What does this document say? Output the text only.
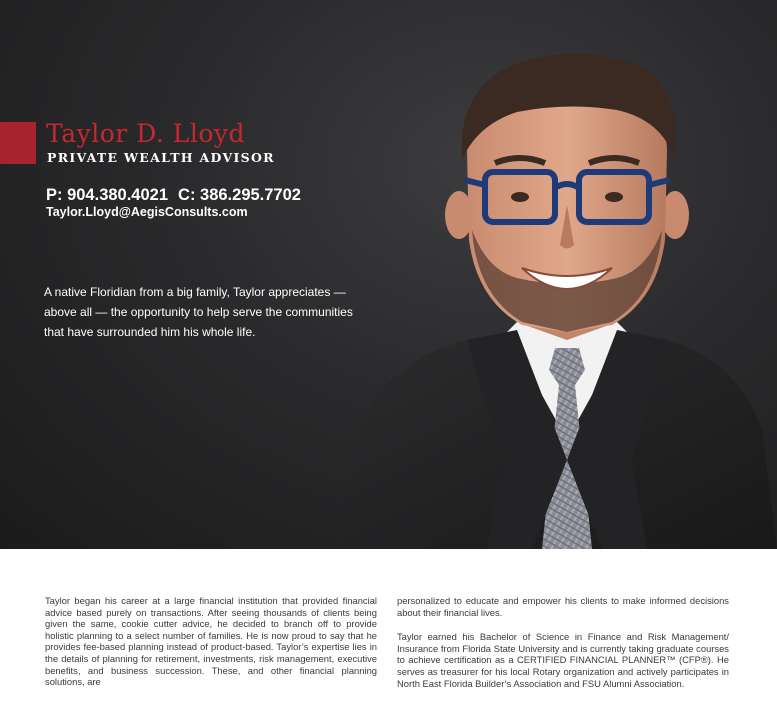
Taylor D. Lloyd
PRIVATE WEALTH ADVISOR
P: 904.380.4021 C: 386.295.7702
Taylor.Lloyd@AegisConsults.com
A native Floridian from a big family, Taylor appreciates — above all — the opportunity to help serve the communities that have surrounded him his whole life.

Taylor began his career at a large financial institution that provided financial advice based purely on transactions. After seeing thousands of clients being given the same, cookie cutter advice, he decided to branch off to provide holistic planning to a select number of families. He is now proud to say that he provides fee-based planning instead of product-based. Taylor’s expertise lies in the details of planning for retirement, investments, risk management, executive benefits, and business succession. These, and other financial planning solutions, are

personalized to educate and empower his clients to make informed decisions about their financial lives.

Taylor earned his Bachelor of Science in Finance and Risk Management/ Insurance from Florida State University and is currently taking graduate courses to achieve certification as a CERTIFIED FINANCIAL PLANNER™ (CFP®). He serves as treasurer for his local Rotary organization and actively participates in North East Florida Builder’s Association and FSU Alumni Association.
